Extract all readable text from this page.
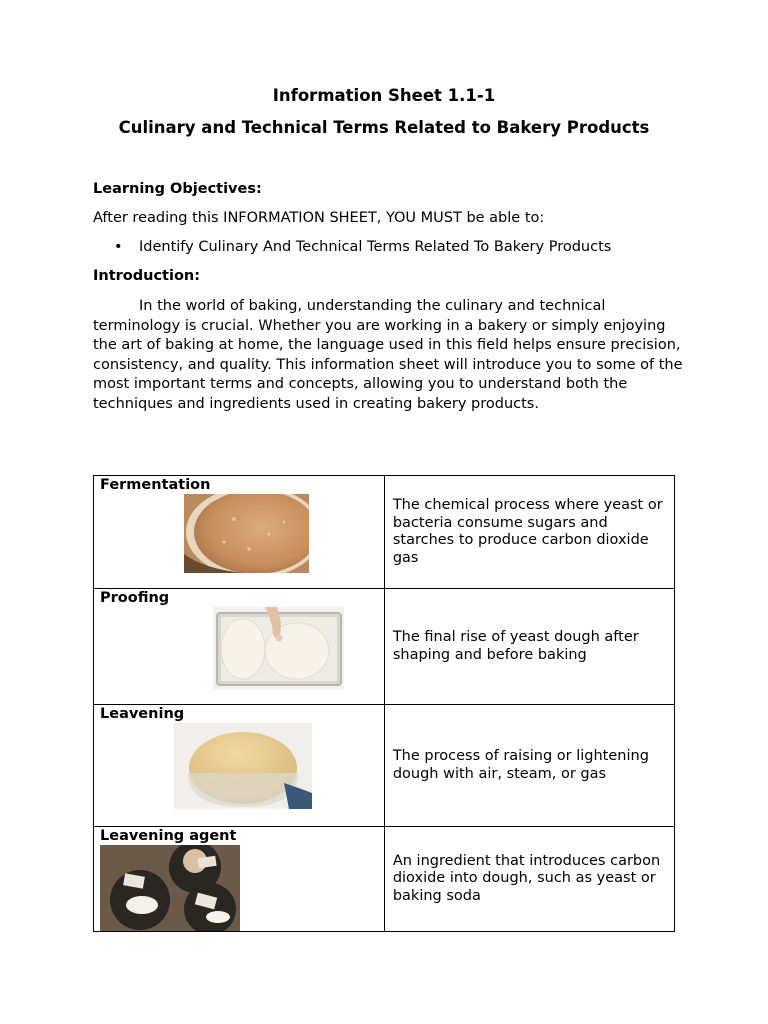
Information Sheet 1.1-1
Culinary and Technical Terms Related to Bakery Products
Learning Objectives:
After reading this INFORMATION SHEET, YOU MUST be able to:
• Identify Culinary And Technical Terms Related To Bakery Products
Introduction:
In the world of baking, understanding the culinary and technical terminology is crucial. Whether you are working in a bakery or simply enjoying the art of baking at home, the language used in this field helps ensure precision, consistency, and quality. This information sheet will introduce you to some of the most important terms and concepts, allowing you to understand both the techniques and ingredients used in creating bakery products.
Fermentation	The chemical process where yeast or bacteria consume sugars and starches to produce carbon dioxide gas

Proofing	The final rise of yeast dough after shaping and before baking

Leavening	The process of raising or lightening dough with air, steam, or gas

Leavening agent	An ingredient that introduces carbon dioxide into dough, such as yeast or baking soda
